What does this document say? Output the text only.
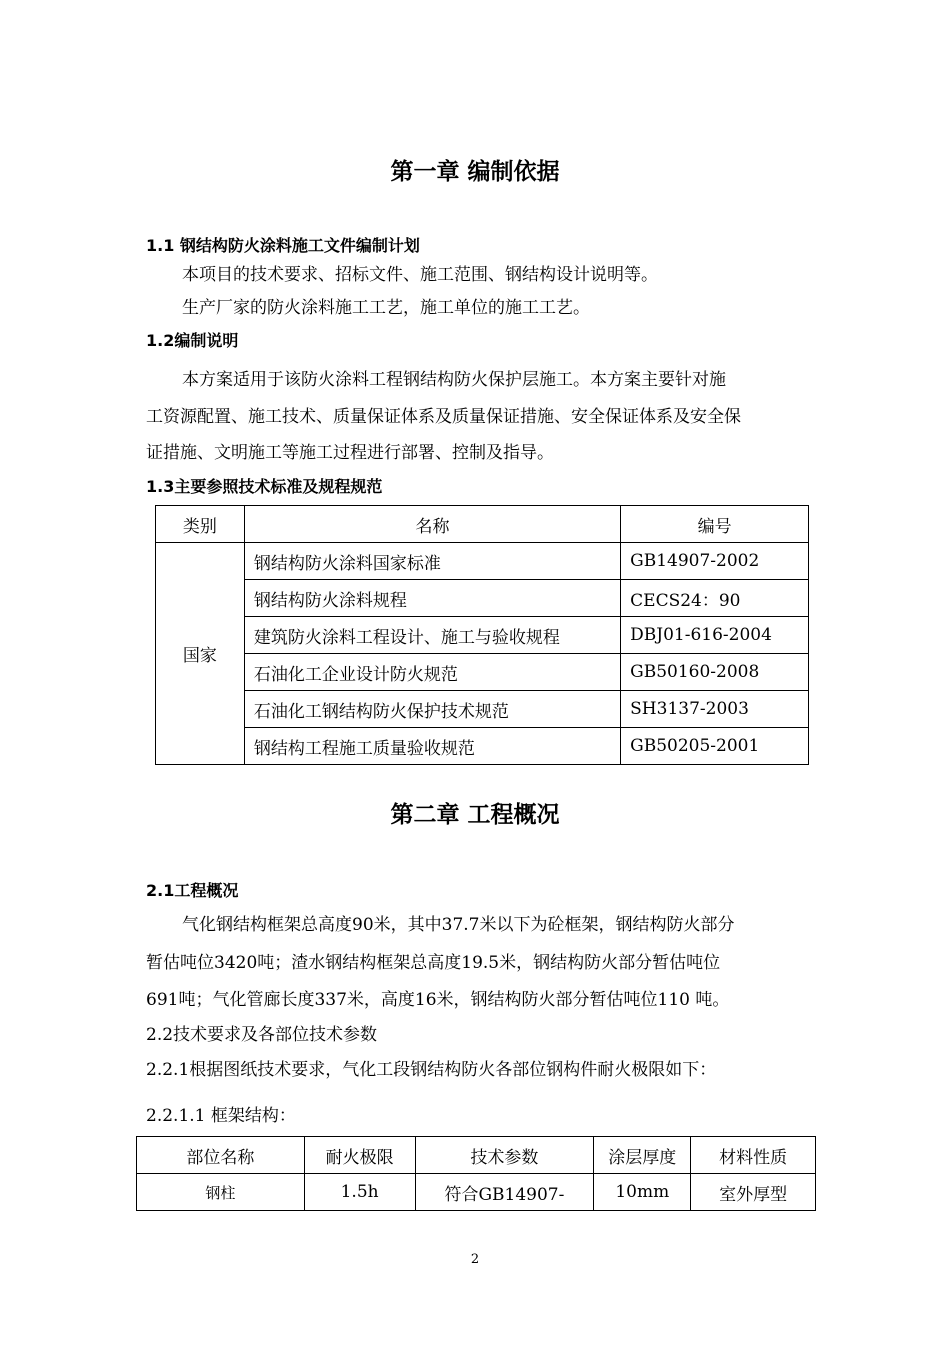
第一章 编制依据
1.1 钢结构防火涂料施工文件编制计划
本项目的技术要求、招标文件、施工范围、钢结构设计说明等。
生产厂家的防火涂料施工工艺，施工单位的施工工艺。
1.2编制说明
本方案适用于该防火涂料工程钢结构防火保护层施工。本方案主要针对施
工资源配置、施工技术、质量保证体系及质量保证措施、安全保证体系及安全保
证措施、文明施工等施工过程进行部署、控制及指导。
1.3主要参照技术标准及规程规范
类别	名称	编号
国家	钢结构防火涂料国家标准	GB14907-2002
	钢结构防火涂料规程	CECS24：90
	建筑防火涂料工程设计、施工与验收规程	DBJ01-616-2004
	石油化工企业设计防火规范	GB50160-2008
	石油化工钢结构防火保护技术规范	SH3137-2003
	钢结构工程施工质量验收规范	GB50205-2001
第二章 工程概况
2.1工程概况
气化钢结构框架总高度90米，其中37.7米以下为砼框架，钢结构防火部分
暂估吨位3420吨；渣水钢结构框架总高度19.5米，钢结构防火部分暂估吨位
691吨；气化管廊长度337米，高度16米，钢结构防火部分暂估吨位110 吨。
2.2技术要求及各部位技术参数
2.2.1根据图纸技术要求，气化工段钢结构防火各部位钢构件耐火极限如下：
2.2.1.1 框架结构：
部位名称	耐火极限	技术参数	涂层厚度	材料性质
钢柱	1.5h	符合GB14907-	10mm	室外厚型
2
